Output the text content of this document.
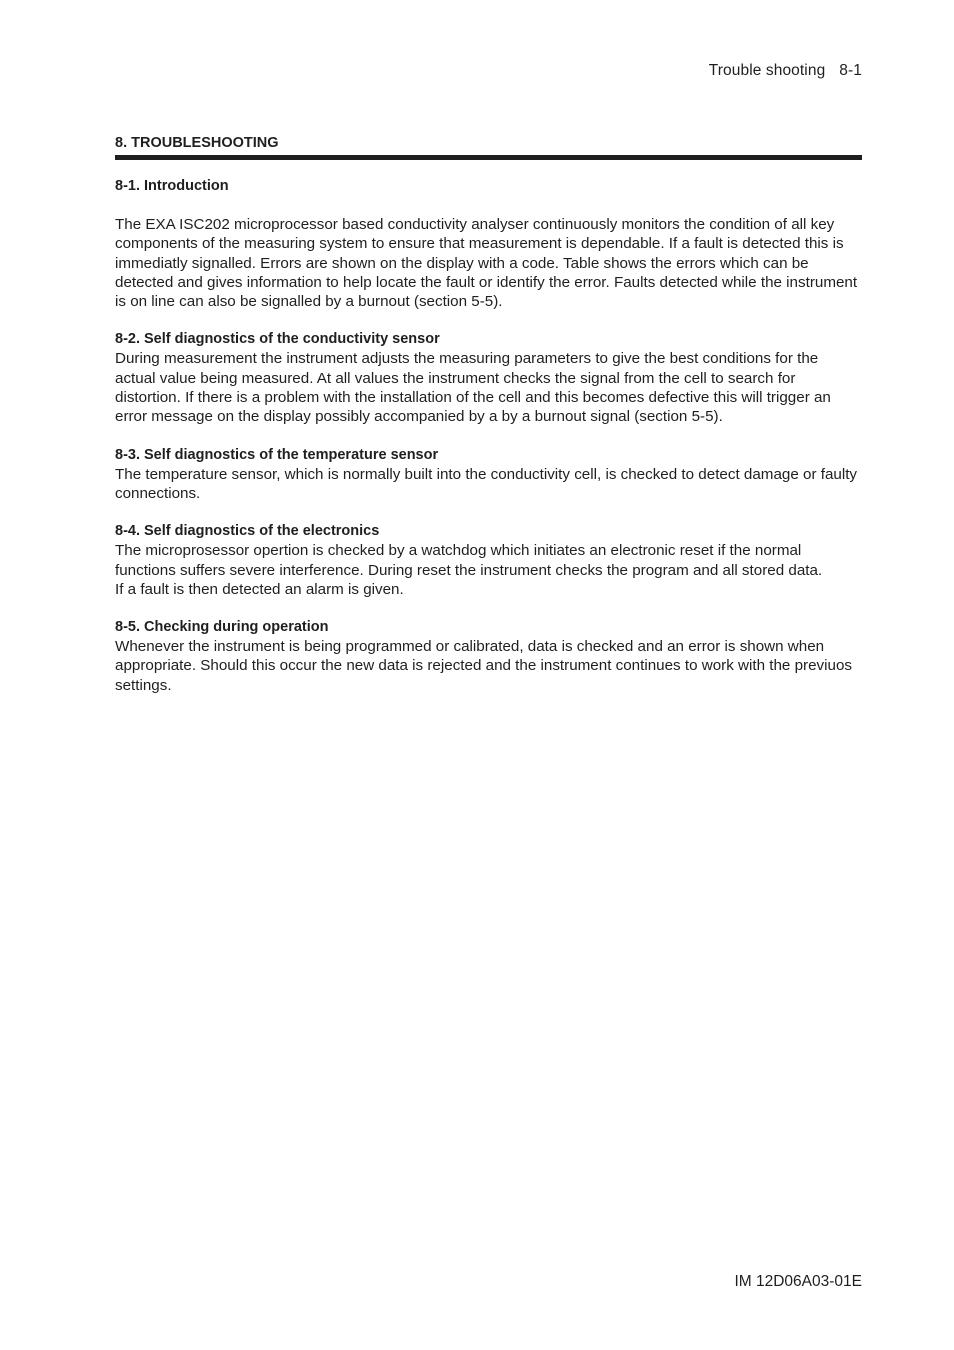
Trouble shooting 8-1
8. TROUBLESHOOTING
8-1. Introduction

The EXA ISC202 microprocessor based conductivity analyser continuously monitors the condition of all key components of the measuring system to ensure that measurement is dependable. If a fault is detected this is immediatly signalled. Errors are shown on the display with a code. Table shows the errors which can be detected and gives information to help locate the fault or identify the error. Faults detected while the instrument is on line can also be signalled by a burnout (section 5-5).

8-2. Self diagnostics of the conductivity sensor

During measurement the instrument adjusts the measuring parameters to give the best conditions for the actual value being measured. At all values the instrument checks the signal from the cell to search for distortion. If there is a problem with the installation of the cell and this becomes defective this will trigger an error message on the display possibly accompanied by a by a burnout signal (section 5-5).

8-3. Self diagnostics of the temperature sensor

The temperature sensor, which is normally built into the conductivity cell, is checked to detect damage or faulty connections.

8-4. Self diagnostics of the electronics

The microprosessor opertion is checked by a watchdog which initiates an electronic reset if the normal functions suffers severe interference. During reset the instrument checks the program and all stored data.

If a fault is then detected an alarm is given.

8-5. Checking during operation

Whenever the instrument is being programmed or calibrated, data is checked and an error is shown when appropriate. Should this occur the new data is rejected and the instrument continues to work with the previuos settings.

IM 12D06A03-01E
